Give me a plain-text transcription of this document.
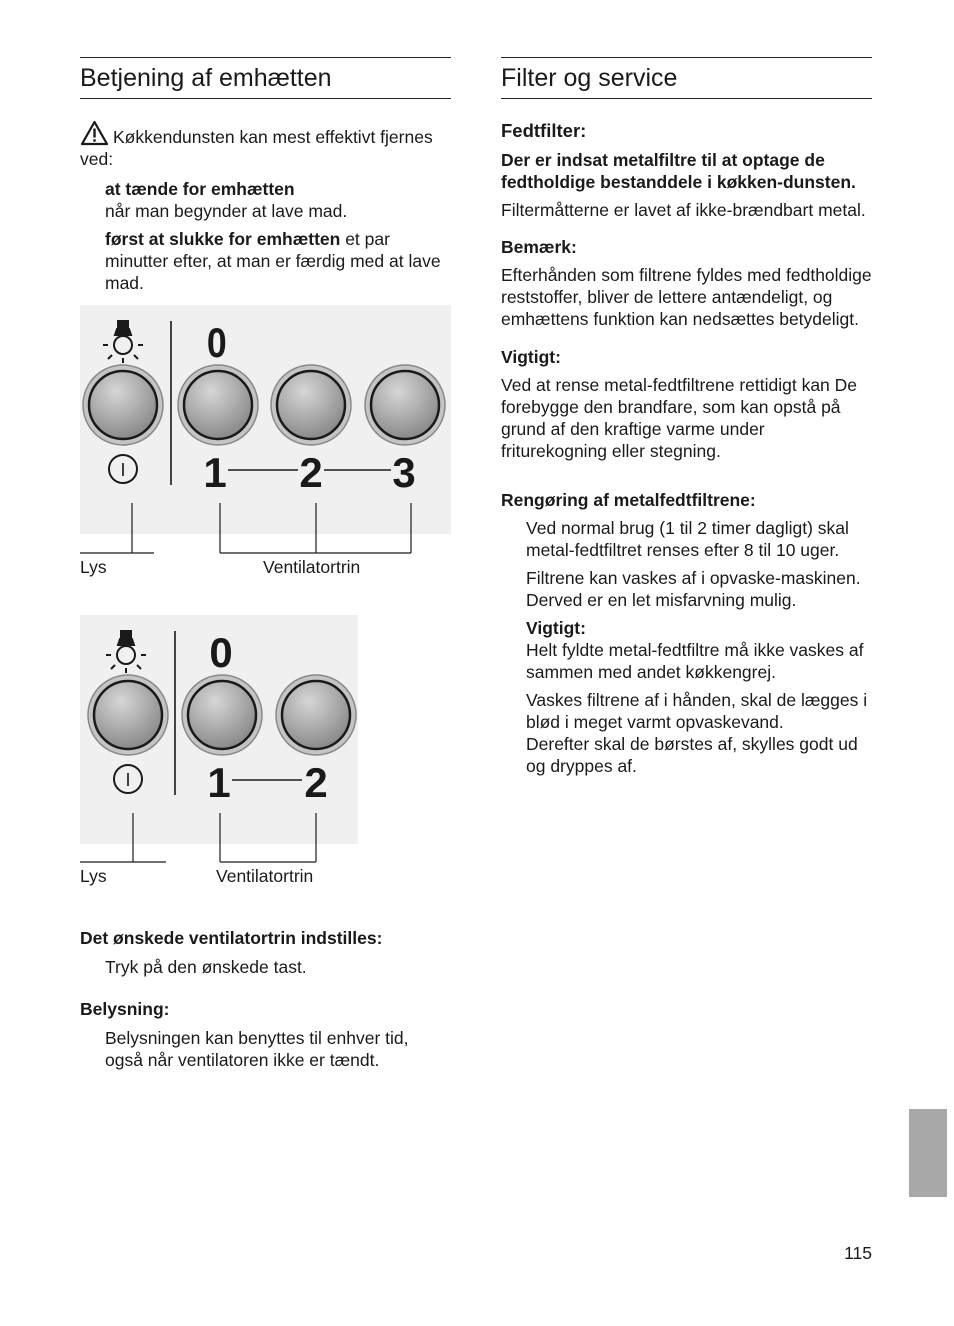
Betjening af emhætten

Køkkendunsten kan mest effektivt fjernes ved:

at tænde for emhætten
når man begynder at lave mad.

først at slukke for emhætten et par minutter efter, at man er færdig med at lave mad.

I
0
1 2 3
Lys	Ventilatortrin
I
0
1 2
Lys	Ventilatortrin
Det ønskede ventilatortrin indstilles:

Tryk på den ønskede tast.

Belysning:

Belysningen kan benyttes til enhver tid, også når ventilatoren ikke er tændt.

Filter og service
Fedtfilter:

Der er indsat metalfiltre til at optage de fedtholdige bestanddele i køkken-dunsten.

Filtermåtterne er lavet af ikke-brændbart metal.

Bemærk:

Efterhånden som filtrene fyldes med fedtholdige reststoffer, bliver de lettere antændeligt, og emhættens funktion kan nedsættes betydeligt.

Vigtigt:

Ved at rense metal-fedtfiltrene rettidigt kan De forebygge den brandfare, som kan opstå på grund af den kraftige varme under friturekogning eller stegning.

Rengøring af metalfedtfiltrene:

Ved normal brug (1 til 2 timer dagligt) skal metal-fedtfiltret renses efter 8 til 10 uger.

Filtrene kan vaskes af i opvaske-maskinen. Derved er en let misfarvning mulig.

Vigtigt:

Helt fyldte metal-fedtfiltre må ikke vaskes af sammen med andet køkkengrej.

Vaskes filtrene af i hånden, skal de lægges i blød i meget varmt opvaskevand.

Derefter skal de børstes af, skylles godt ud og dryppes af.

115
